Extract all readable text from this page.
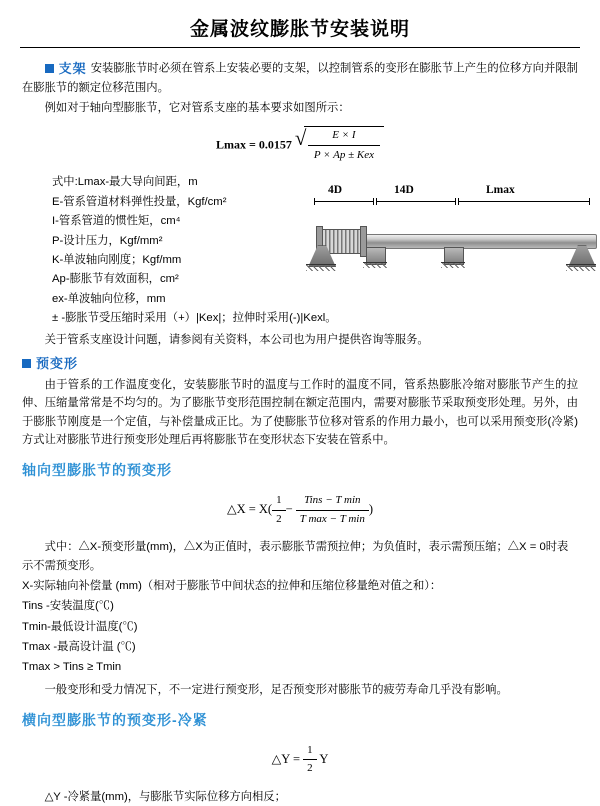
金属波纹膨胀节安装说明

支架 安装膨胀节时必须在管系上安装必要的支架，以控制管系的变形在膨胀节上产生的位移方向并限制在膨胀节的额定位移范围内。

例如对于轴向型膨胀节，它对管系支座的基本要求如图所示：

Lmax = 0.0157 √ $\frac{E \times I}{\text{P × Ap ± Kex}}$
式中:Lmax-最大导向间距，m
E-管系管道材料弹性投量，Kgf/cm²
I-管系管道的惯性矩，cm⁴
P-设计压力，Kgf/mm²
K-单波轴向刚度；Kgf/mm
Ap-膨胀节有效面积，cm²
ex-单波轴向位移，mm
± -膨胀节受压缩时采用（+）|Kex|；拉伸时采用(-)|Kexl。
4D	14D	Lmax

关于管系支座设计问题，请参阅有关资料，本公司也为用户提供咨询等服务。

预变形

由于管系的工作温度变化，安装膨胀节时的温度与工作时的温度不同，管系热膨胀冷缩对膨胀节产生的拉伸、压缩量常常是不均匀的。为了膨胀节变形范围控制在额定范围内，需要对膨胀节采取预变形处理。另外，由于膨胀节刚度是一个定值，与补偿量成正比。为了使膨胀节位移对管系的作用力最小，也可以采用预变形(冷紧)方式让对膨胀节进行预变形处理后再将膨胀节在变形状态下安装在管系中。

轴向型膨胀节的预变形
△X = $X( \frac{1}{2} - \frac{\text{Tins − T min}}{\text{T max − T min}}$ )
式中：△X-预变形量(mm)，△X为正值时，表示膨胀节需预拉伸；为负值时，表示需预压缩；△X = 0时表示不需预变形。
X-实际轴向补偿量 (mm)（相对于膨胀节中间状态的拉伸和压缩位移量绝对值之和）：
Tins -安装温度(℃)
Tmin-最低设计温度(℃)
Tmax -最高设计温 (℃)
Tmax > Tins ≥ Tmin
一般变形和受力情况下，不一定进行预变形，足否预变形对膨胀节的疲劳寿命几乎没有影响。
横向型膨胀节的预变形-冷紧
△Y = $\frac{1}{2}$ Y
△Y -冷紧量(mm)，与膨胀节实际位移方向相反；
